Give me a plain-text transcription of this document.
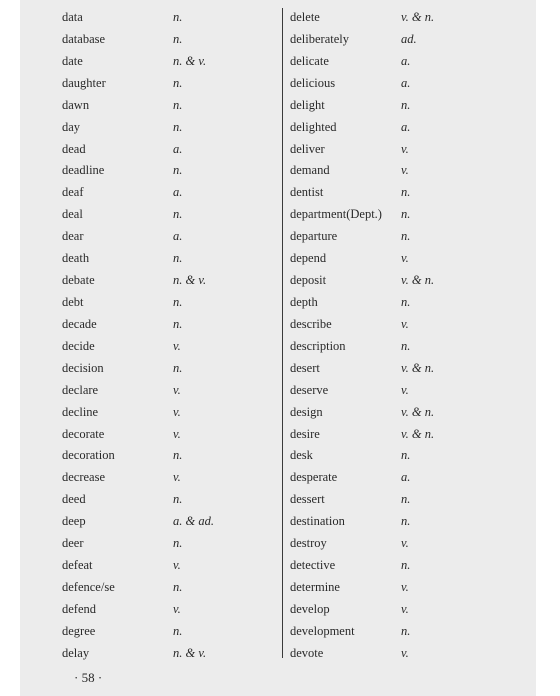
data	n.
database	n.
date	n. & v.
daughter	n.
dawn	n.
day	n.
dead	a.
deadline	n.
deaf	a.
deal	n.
dear	a.
death	n.
debate	n. & v.
debt	n.
decade	n.
decide	v.
decision	n.
declare	v.
decline	v.
decorate	v.
decoration	n.
decrease	v.
deed	n.
deep	a. & ad.
deer	n.
defeat	v.
defence/se	n.
defend	v.
degree	n.
delay	n. & v.
delete	v. & n.
deliberately	ad.
delicate	a.
delicious	a.
delight	n.
delighted	a.
deliver	v.
demand	v.
dentist	n.
department(Dept.) n.
departure	n.
depend	v.
deposit	v. & n.
depth	n.
describe	v.
description	n.
desert	v. & n.
deserve	v.
design	v. & n.
desire	v. & n.
desk	n.
desperate	a.
dessert	n.
destination	n.
destroy	v.
detective	n.
determine	v.
develop	v.
development	n.
devote	v.
· 58 ·
